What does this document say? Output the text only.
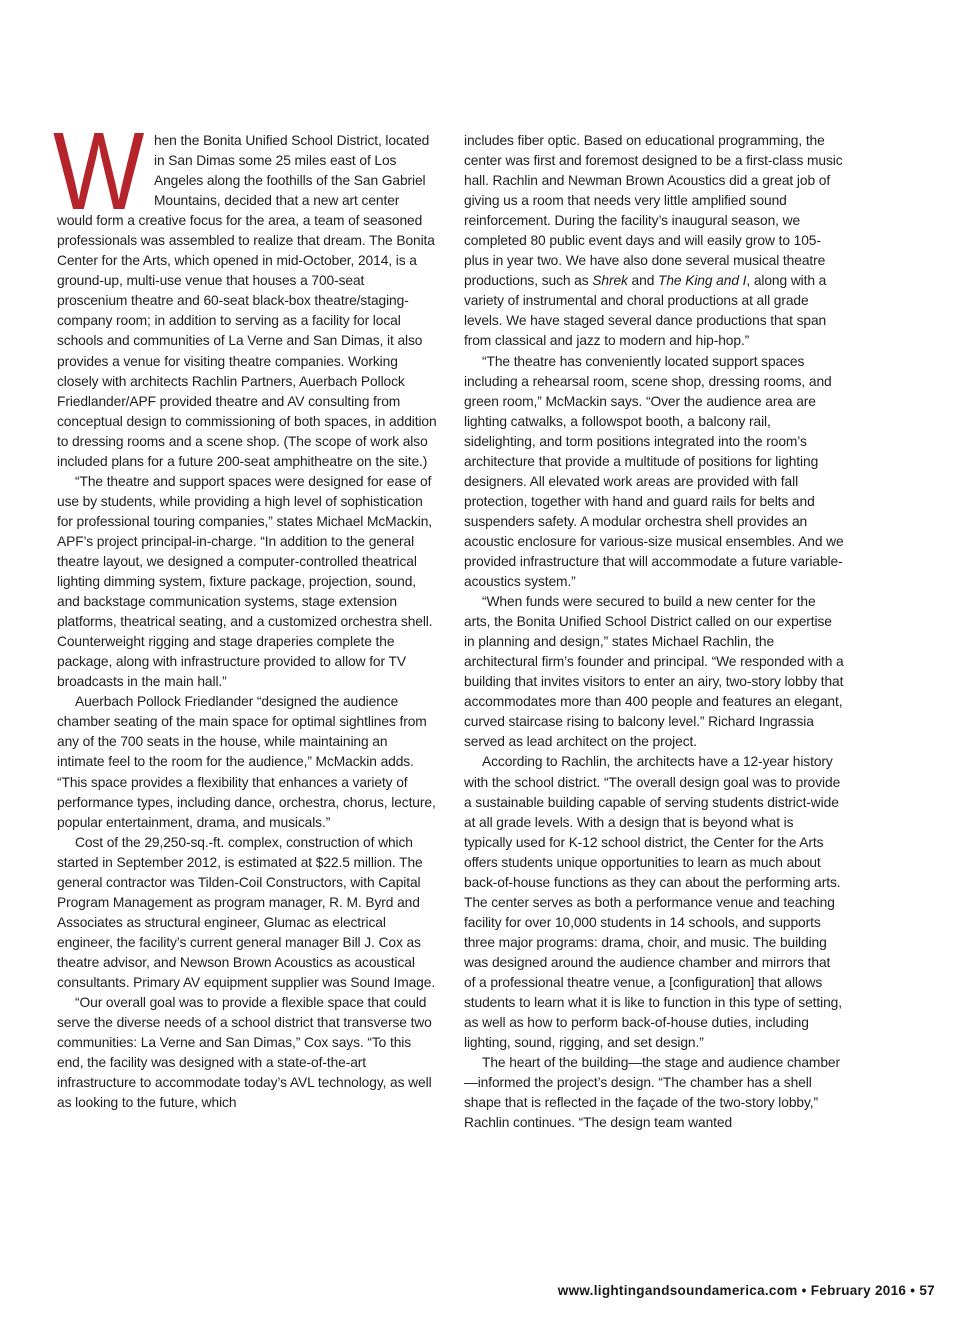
W hen the Bonita Unified School District, located in San Dimas some 25 miles east of Los Angeles along the foothills of the San Gabriel Mountains, decided that a new art center would form a creative focus for the area, a team of seasoned professionals was assembled to realize that dream. The Bonita Center for the Arts, which opened in mid-October, 2014, is a ground-up, multi-use venue that houses a 700-seat proscenium theatre and 60-seat black-box theatre/staging-company room; in addition to serving as a facility for local schools and communities of La Verne and San Dimas, it also provides a venue for visiting theatre companies. Working closely with architects Rachlin Partners, Auerbach Pollock Friedlander/APF provided theatre and AV consulting from conceptual design to commissioning of both spaces, in addition to dressing rooms and a scene shop. (The scope of work also included plans for a future 200-seat amphitheatre on the site.)

“The theatre and support spaces were designed for ease of use by students, while providing a high level of sophistication for professional touring companies,” states Michael McMackin, APF’s project principal-in-charge. “In addition to the general theatre layout, we designed a computer-controlled theatrical lighting dimming system, fixture package, projection, sound, and backstage communication systems, stage extension platforms, theatrical seating, and a customized orchestra shell. Counterweight rigging and stage draperies complete the package, along with infrastructure provided to allow for TV broadcasts in the main hall.”

Auerbach Pollock Friedlander “designed the audience chamber seating of the main space for optimal sightlines from any of the 700 seats in the house, while maintaining an intimate feel to the room for the audience,” McMackin adds. “This space provides a flexibility that enhances a variety of performance types, including dance, orchestra, chorus, lecture, popular entertainment, drama, and musicals.”

Cost of the 29,250-sq.-ft. complex, construction of which started in September 2012, is estimated at $22.5 million. The general contractor was Tilden-Coil Constructors, with Capital Program Management as program manager, R. M. Byrd and Associates as structural engineer, Glumac as electrical engineer, the facility’s current general manager Bill J. Cox as theatre advisor, and Newson Brown Acoustics as acoustical consultants. Primary AV equipment supplier was Sound Image.

“Our overall goal was to provide a flexible space that could serve the diverse needs of a school district that transverse two communities: La Verne and San Dimas,” Cox says. “To this end, the facility was designed with a state-of-the-art infrastructure to accommodate today’s AVL technology, as well as looking to the future, which

includes fiber optic. Based on educational programming, the center was first and foremost designed to be a first-class music hall. Rachlin and Newman Brown Acoustics did a great job of giving us a room that needs very little amplified sound reinforcement. During the facility’s inaugural season, we completed 80 public event days and will easily grow to 105-plus in year two. We have also done several musical theatre productions, such as Shrek and The King and I, along with a variety of instrumental and choral productions at all grade levels. We have staged several dance productions that span from classical and jazz to modern and hip-hop.”

“The theatre has conveniently located support spaces including a rehearsal room, scene shop, dressing rooms, and green room,” McMackin says. “Over the audience area are lighting catwalks, a followspot booth, a balcony rail, sidelighting, and torm positions integrated into the room’s architecture that provide a multitude of positions for lighting designers. All elevated work areas are provided with fall protection, together with hand and guard rails for belts and suspenders safety. A modular orchestra shell provides an acoustic enclosure for various-size musical ensembles. And we provided infrastructure that will accommodate a future variable-acoustics system.”

“When funds were secured to build a new center for the arts, the Bonita Unified School District called on our expertise in planning and design,” states Michael Rachlin, the architectural firm’s founder and principal. “We responded with a building that invites visitors to enter an airy, two-story lobby that accommodates more than 400 people and features an elegant, curved staircase rising to balcony level.” Richard Ingrassia served as lead architect on the project.

According to Rachlin, the architects have a 12-year history with the school district. “The overall design goal was to provide a sustainable building capable of serving students district-wide at all grade levels. With a design that is beyond what is typically used for K-12 school district, the Center for the Arts offers students unique opportunities to learn as much about back-of-house functions as they can about the performing arts. The center serves as both a performance venue and teaching facility for over 10,000 students in 14 schools, and supports three major programs: drama, choir, and music. The building was designed around the audience chamber and mirrors that of a professional theatre venue, a [configuration] that allows students to learn what it is like to function in this type of setting, as well as how to perform back-of-house duties, including lighting, sound, rigging, and set design.”

The heart of the building—the stage and audience chamber—informed the project’s design. “The chamber has a shell shape that is reflected in the façade of the two-story lobby,” Rachlin continues. “The design team wanted

www.lightingandsoundamerica.com • February 2016 • 57
